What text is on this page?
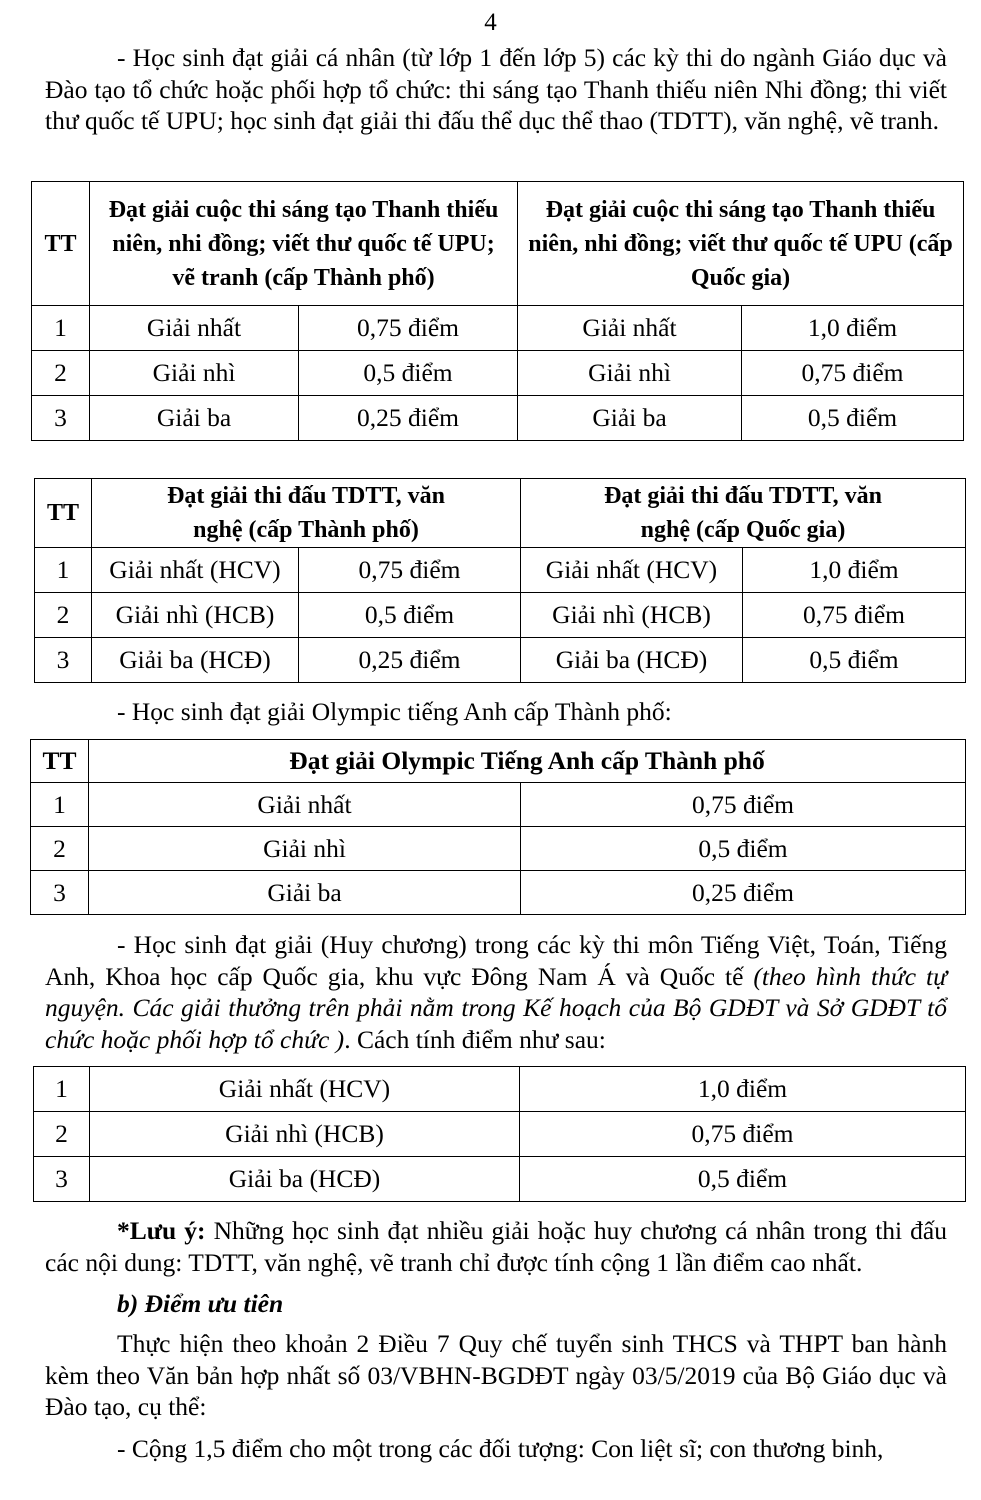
4
- Học sinh đạt giải cá nhân (từ lớp 1 đến lớp 5) các kỳ thi do ngành Giáo dục và Đào tạo tổ chức hoặc phối hợp tổ chức: thi sáng tạo Thanh thiếu niên Nhi đồng; thi viết thư quốc tế UPU; học sinh đạt giải thi đấu thể dục thể thao (TDTT), văn nghệ, vẽ tranh.
TT	Đạt giải cuộc thi sáng tạo Thanh thiếu niên, nhi đồng; viết thư quốc tế UPU; vẽ tranh (cấp Thành phố)		Đạt giải cuộc thi sáng tạo Thanh thiếu niên, nhi đồng; viết thư quốc tế UPU (cấp Quốc gia)	
1	Giải nhất	0,75 điểm	Giải nhất	1,0 điểm
2	Giải nhì	0,5 điểm	Giải nhì	0,75 điểm
3	Giải ba	0,25 điểm	Giải ba	0,5 điểm
TT	Đạt giải thi đấu TDTT, văn nghệ (cấp Thành phố)		Đạt giải thi đấu TDTT, văn nghệ (cấp Quốc gia)	
1	Giải nhất (HCV)	0,75 điểm	Giải nhất (HCV)	1,0 điểm
2	Giải nhì (HCB)	0,5 điểm	Giải nhì (HCB)	0,75 điểm
3	Giải ba (HCĐ)	0,25 điểm	Giải ba (HCĐ)	0,5 điểm
- Học sinh đạt giải Olympic tiếng Anh cấp Thành phố:
TT	Đạt giải Olympic Tiếng Anh cấp Thành phố	
1	Giải nhất	0,75 điểm
2	Giải nhì	0,5 điểm
3	Giải ba	0,25 điểm
- Học sinh đạt giải (Huy chương) trong các kỳ thi môn Tiếng Việt, Toán, Tiếng Anh, Khoa học cấp Quốc gia, khu vực Đông Nam Á và Quốc tế (theo hình thức tự nguyện. Các giải thưởng trên phải nằm trong Kế hoạch của Bộ GDĐT và Sở GDĐT tổ chức hoặc phối hợp tổ chức ). Cách tính điểm như sau:
1	Giải nhất (HCV)	1,0 điểm
2	Giải nhì (HCB)	0,75 điểm
3	Giải ba (HCĐ)	0,5 điểm
*Lưu ý: Những học sinh đạt nhiều giải hoặc huy chương cá nhân trong thi đấu các nội dung: TDTT, văn nghệ, vẽ tranh chỉ được tính cộng 1 lần điểm cao nhất.
b) Điểm ưu tiên
Thực hiện theo khoản 2 Điều 7 Quy chế tuyển sinh THCS và THPT ban hành kèm theo Văn bản hợp nhất số 03/VBHN-BGDĐT ngày 03/5/2019 của Bộ Giáo dục và Đào tạo, cụ thể:
- Cộng 1,5 điểm cho một trong các đối tượng: Con liệt sĩ; con thương binh,
